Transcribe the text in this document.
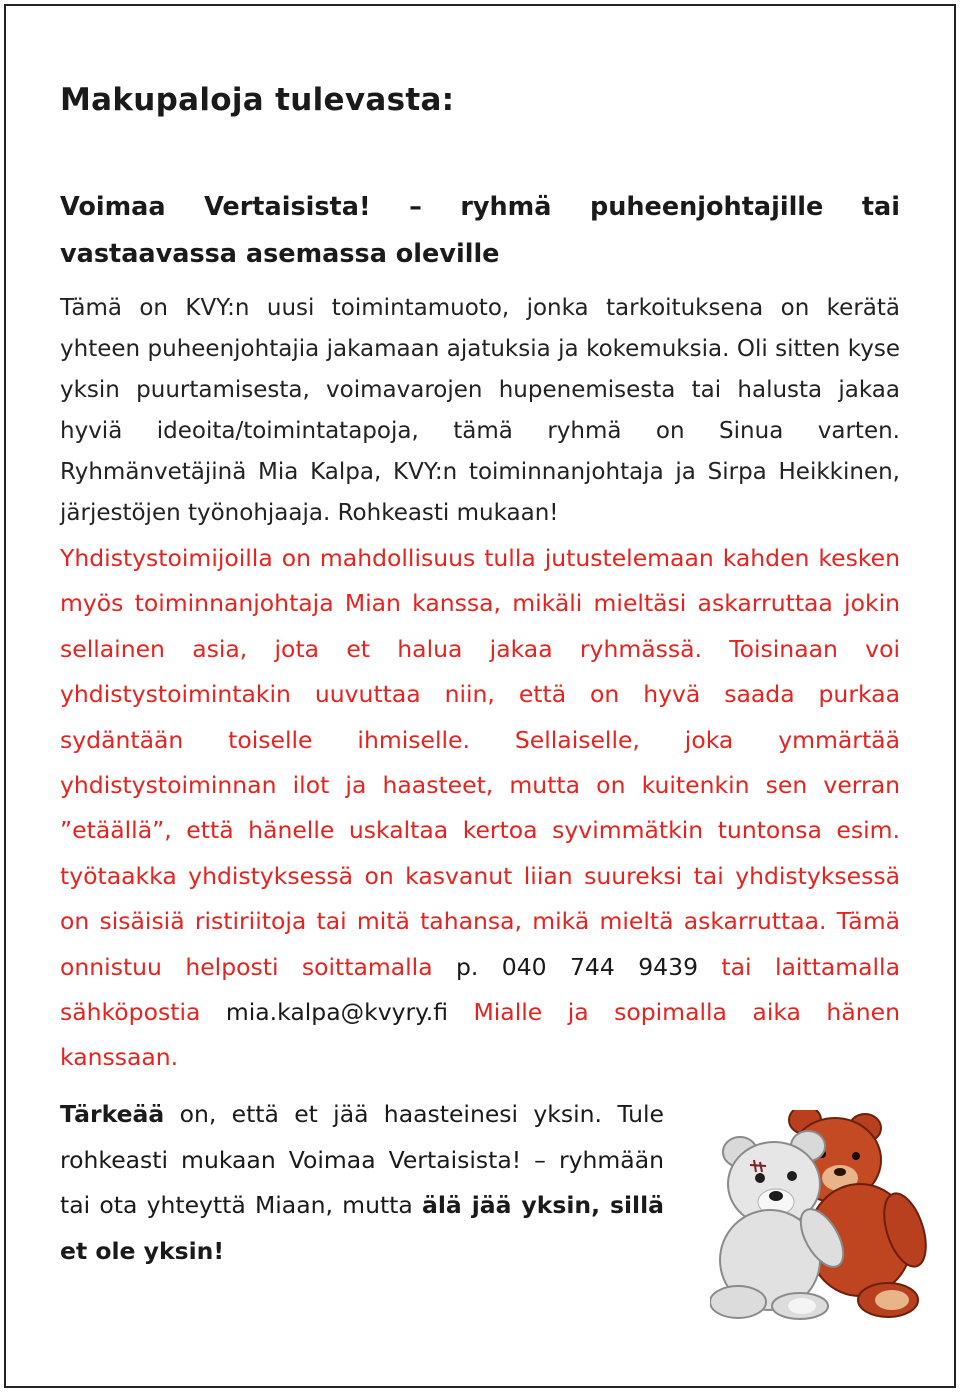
Makupaloja tulevasta:
Voimaa Vertaisista! – ryhmä puheenjohtajille tai vastaavassa asemassa oleville

Tämä on KVY:n uusi toimintamuoto, jonka tarkoituksena on kerätä yhteen puheenjohtajia jakamaan ajatuksia ja kokemuksia. Oli sitten kyse yksin puurtamisesta, voimavarojen hupenemisesta tai halusta jakaa hyviä ideoita/toimintatapoja, tämä ryhmä on Sinua varten. Ryhmänvetäjinä Mia Kalpa, KVY:n toiminnanjohtaja ja Sirpa Heikkinen, järjestöjen työnohjaaja. Rohkeasti mukaan!

Yhdistystoimijoilla on mahdollisuus tulla jutustelemaan kahden kesken myös toiminnanjohtaja Mian kanssa, mikäli mieltäsi askarruttaa jokin sellainen asia, jota et halua jakaa ryhmässä. Toisinaan voi yhdistystoimintakin uuvuttaa niin, että on hyvä saada purkaa sydäntään toiselle ihmiselle. Sellaiselle, joka ymmärtää yhdistystoiminnan ilot ja haasteet, mutta on kuitenkin sen verran ”etäällä”, että hänelle uskaltaa kertoa syvimmätkin tuntonsa esim. työtaakka yhdistyksessä on kasvanut liian suureksi tai yhdistyksessä on sisäisiä ristiriitoja tai mitä tahansa, mikä mieltä askarruttaa. Tämä onnistuu helposti soittamalla p. 040 744 9439 tai laittamalla sähköpostia mia.kalpa@kvyry.fi Mialle ja sopimalla aika hänen kanssaan.

Tärkeää on, että et jää haasteinesi yksin. Tule rohkeasti mukaan Voimaa Vertaisista! – ryhmään tai ota yhteyttä Miaan, mutta älä jää yksin, sillä et ole yksin!
